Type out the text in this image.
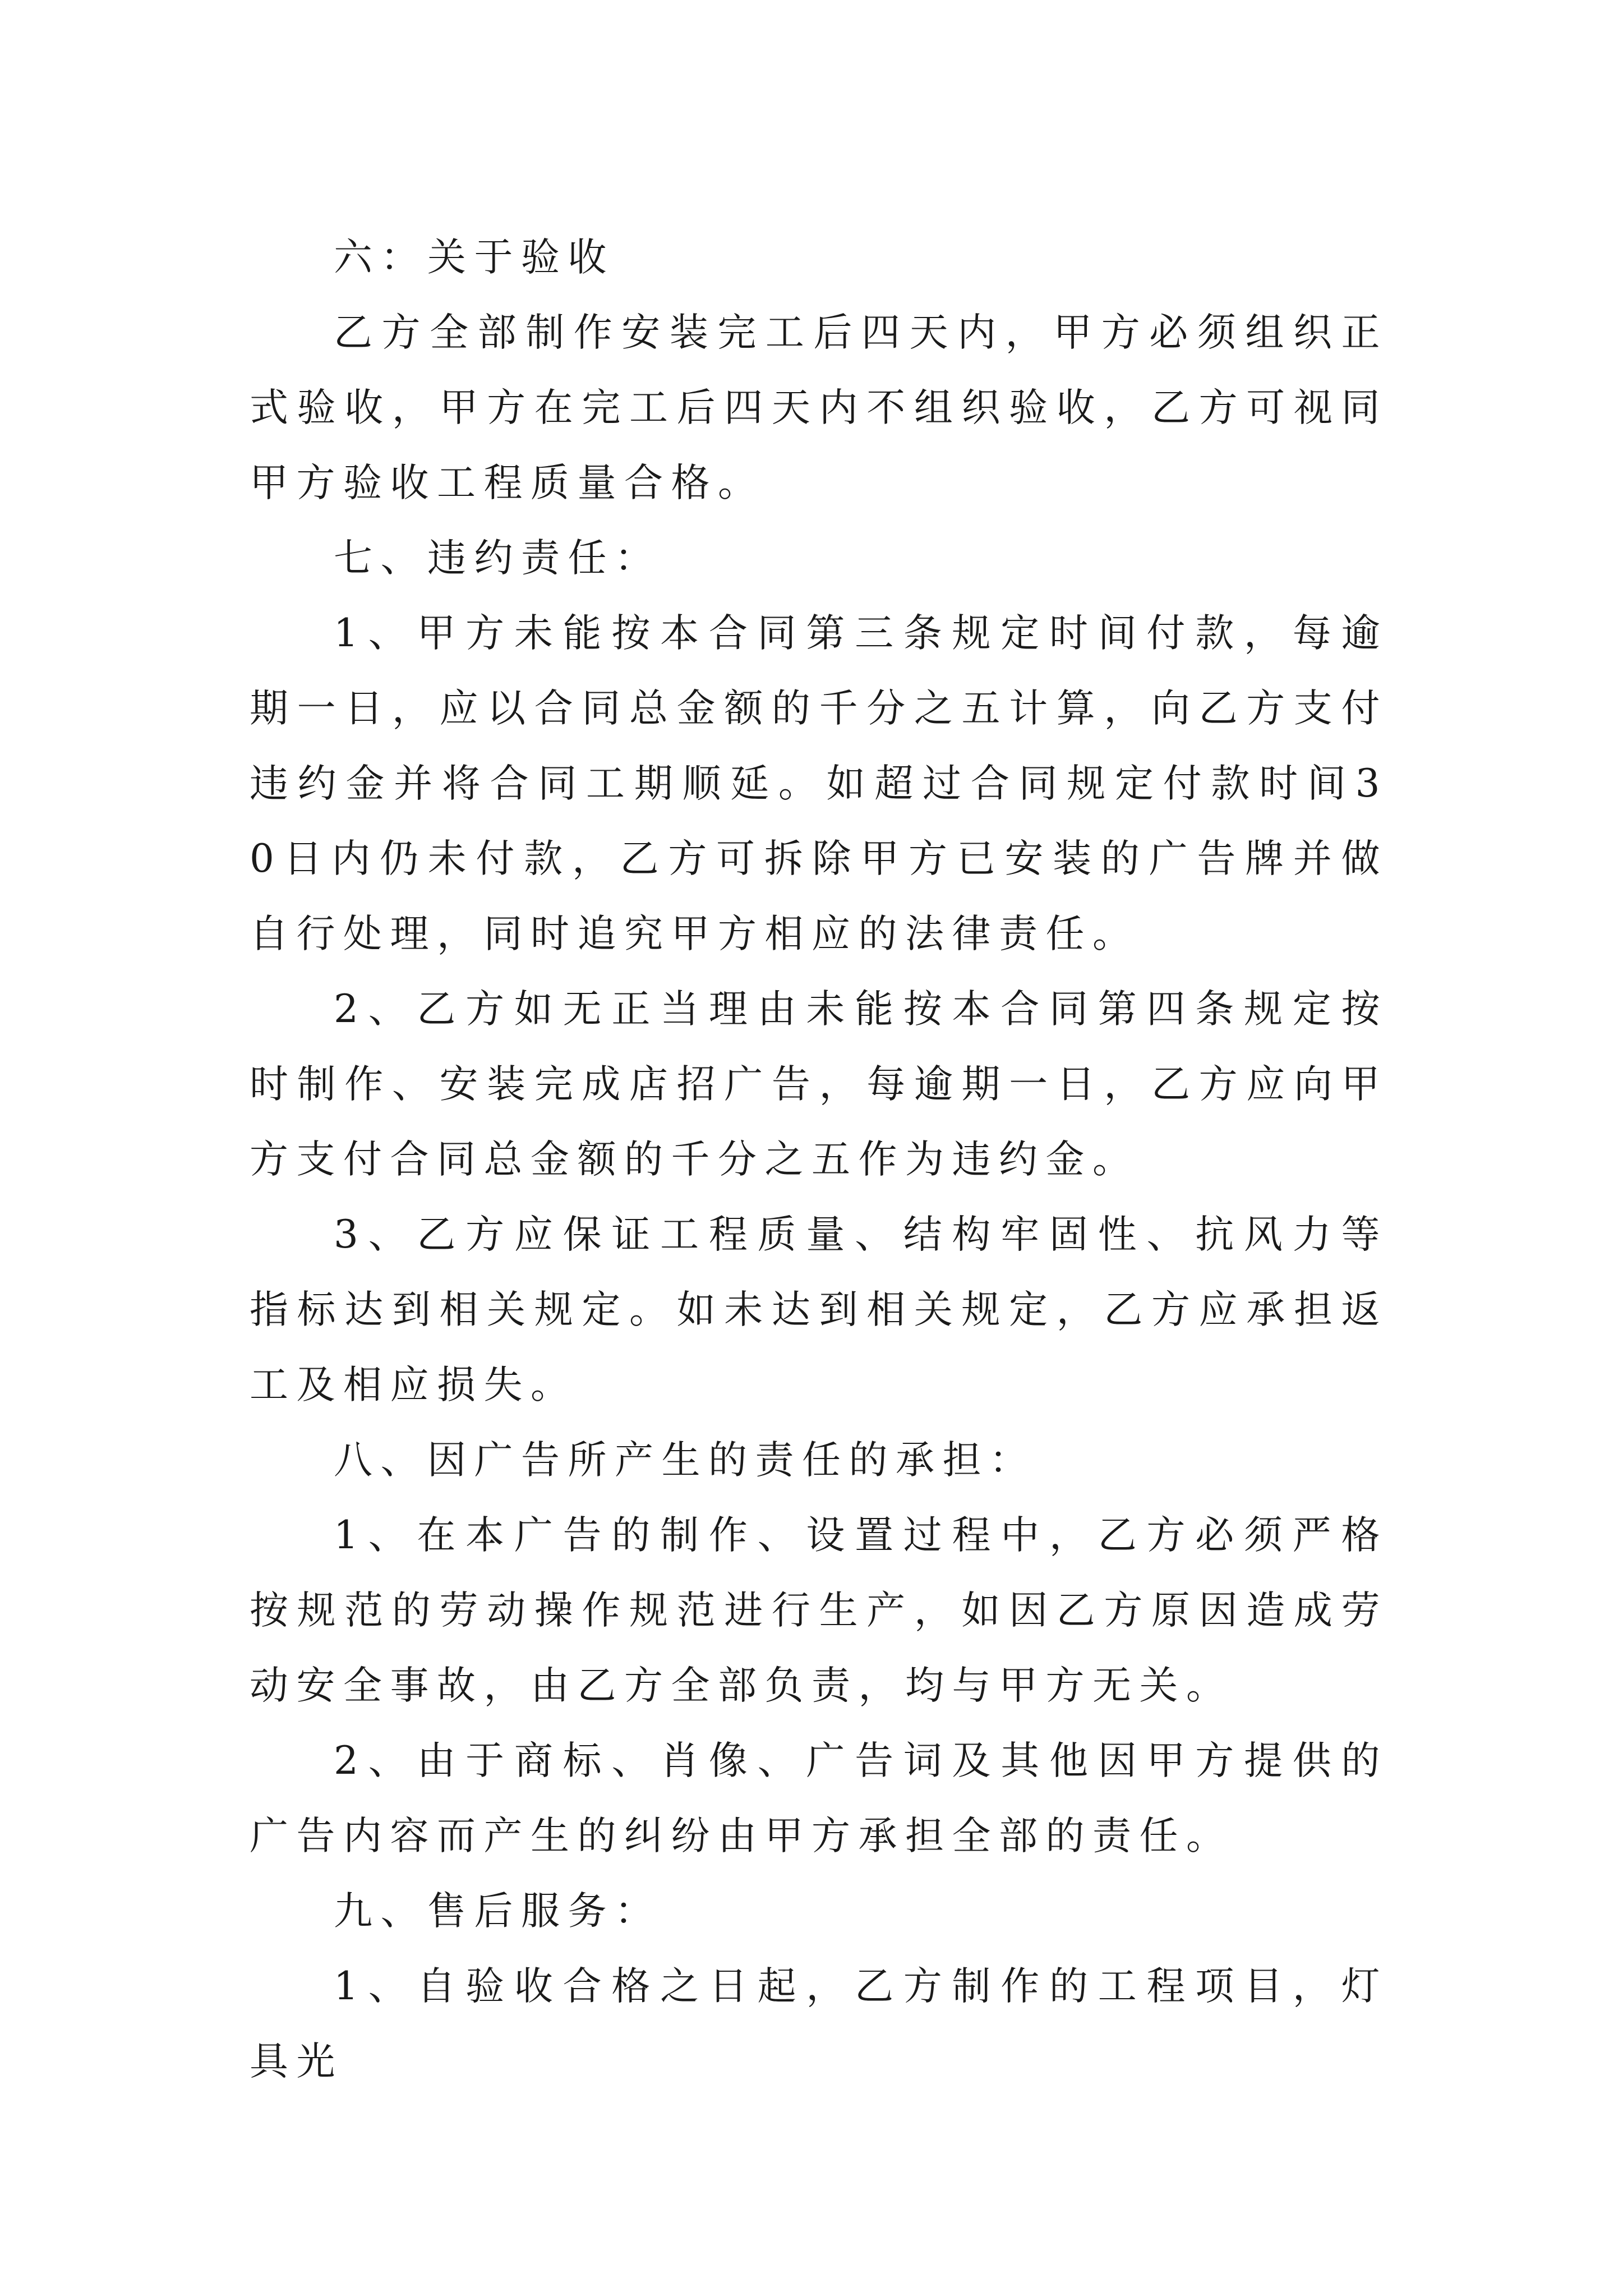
六：关于验收

乙方全部制作安装完工后四天内，甲方必须组织正式验收，甲方在完工后四天内不组织验收，乙方可视同甲方验收工程质量合格。

七、违约责任：

1、甲方未能按本合同第三条规定时间付款，每逾期一日，应以合同总金额的千分之五计算，向乙方支付违约金并将合同工期顺延。如超过合同规定付款时间30日内仍未付款，乙方可拆除甲方已安装的广告牌并做自行处理，同时追究甲方相应的法律责任。

2、乙方如无正当理由未能按本合同第四条规定按时制作、安装完成店招广告，每逾期一日，乙方应向甲方支付合同总金额的千分之五作为违约金。

3、乙方应保证工程质量、结构牢固性、抗风力等指标达到相关规定。如未达到相关规定，乙方应承担返工及相应损失。

八、因广告所产生的责任的承担：

1、在本广告的制作、设置过程中，乙方必须严格按规范的劳动操作规范进行生产，如因乙方原因造成劳动安全事故，由乙方全部负责，均与甲方无关。

2、由于商标、肖像、广告词及其他因甲方提供的广告内容而产生的纠纷由甲方承担全部的责任。

九、售后服务：

1、自验收合格之日起，乙方制作的工程项目，灯具光
